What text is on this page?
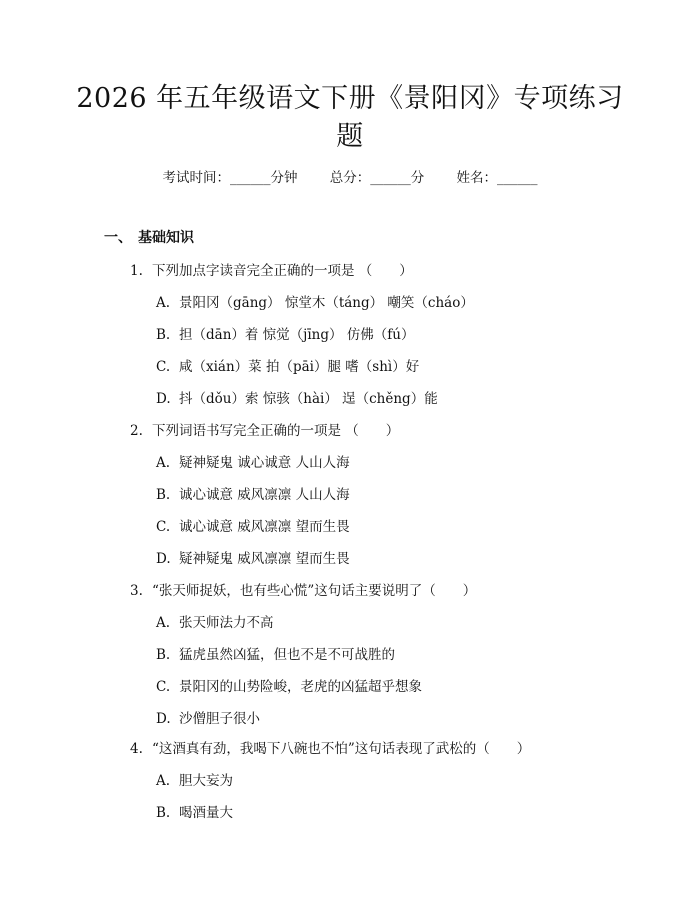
2026 年五年级语文下册《景阳冈》专项练习
题
考试时间：______分钟 总分：______分 姓名：______
一、 基础知识
1. 下列加点字读音完全正确的一项是 （　　）
A. 景阳冈（gāng） 惊堂木（táng） 嘲笑（cháo）
B. 担（dān）着 惊觉（jīng） 仿佛（fú）
C. 咸（xián）菜 拍（pāi）腿 嗜（shì）好
D. 抖（dǒu）索 惊骇（hài） 逞（chěng）能
2. 下列词语书写完全正确的一项是 （　　）
A. 疑神疑鬼 诚心诚意 人山人海
B. 诚心诚意 威风凛凛 人山人海
C. 诚心诚意 威风凛凛 望而生畏
D. 疑神疑鬼 威风凛凛 望而生畏
3. “张天师捉妖，也有些心慌”这句话主要说明了（　　）
A. 张天师法力不高
B. 猛虎虽然凶猛，但也不是不可战胜的
C. 景阳冈的山势险峻，老虎的凶猛超乎想象
D. 沙僧胆子很小
4. “这酒真有劲，我喝下八碗也不怕”这句话表现了武松的（　　）
A. 胆大妄为
B. 喝酒量大
